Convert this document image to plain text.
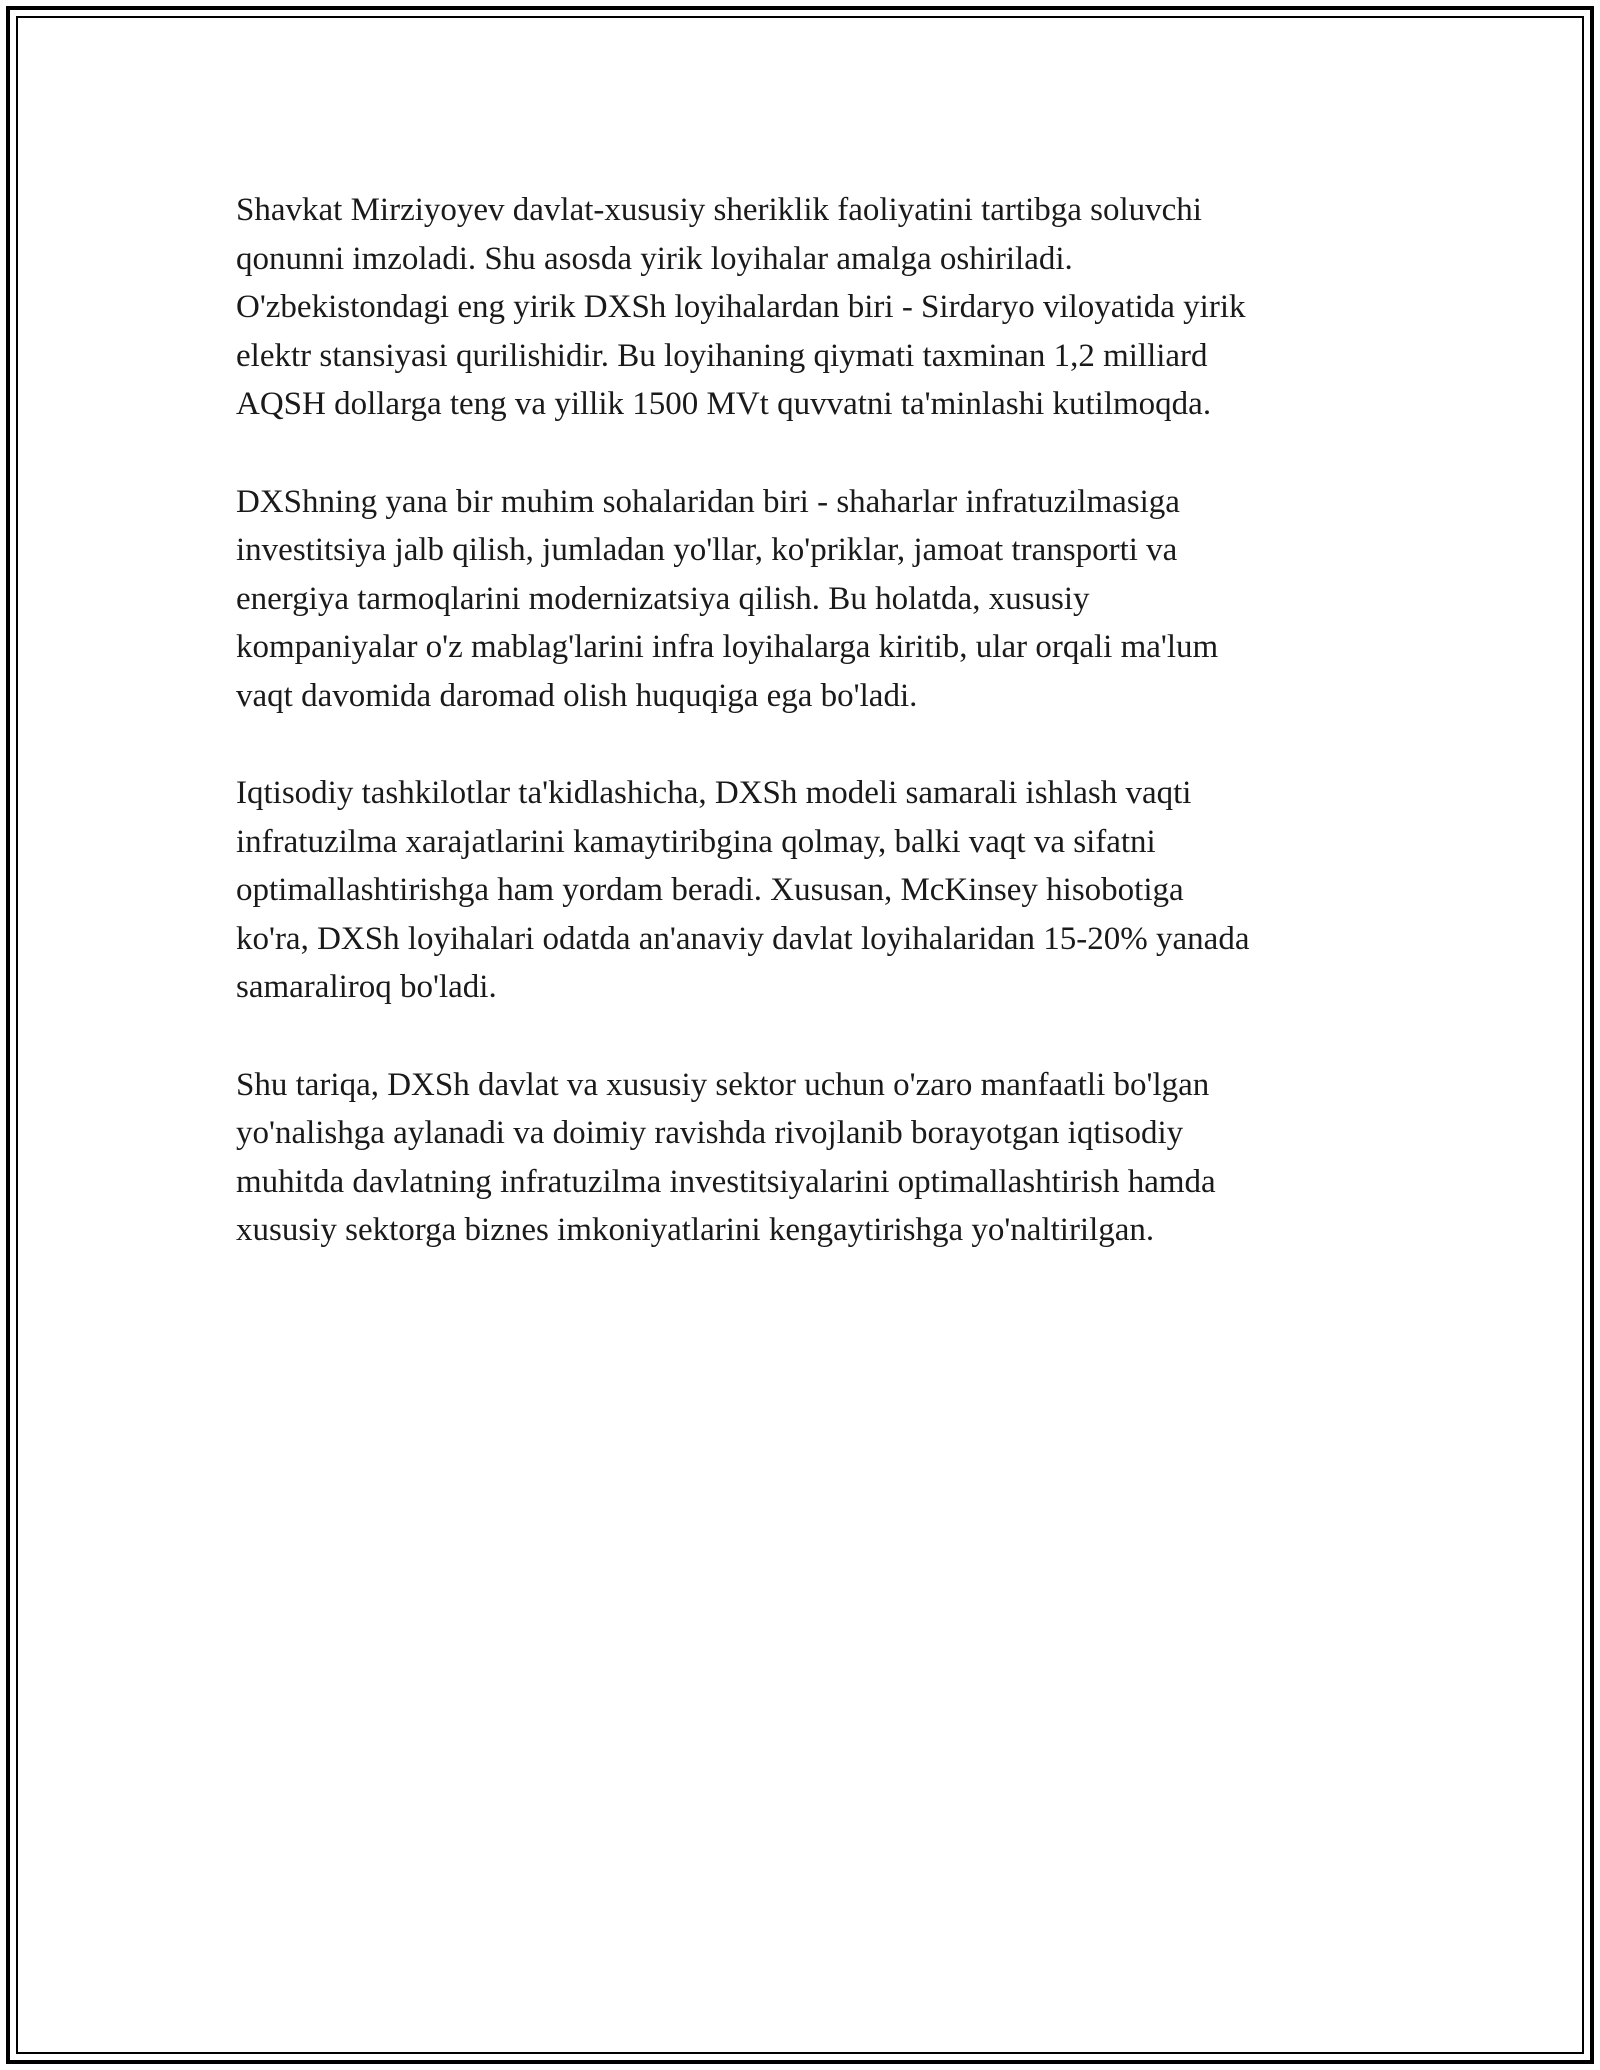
Shavkat Mirziyoyev davlat-xususiy sheriklik faoliyatini tartibga soluvchi
qonunni imzoladi. Shu asosda yirik loyihalar amalga oshiriladi.
O'zbekistondagi eng yirik DXSh loyihalardan biri - Sirdaryo viloyatida yirik
elektr stansiyasi qurilishidir. Bu loyihaning qiymati taxminan 1,2 milliard
AQSH dollarga teng va yillik 1500 MVt quvvatni ta'minlashi kutilmoqda.

DXShning yana bir muhim sohalaridan biri - shaharlar infratuzilmasiga
investitsiya jalb qilish, jumladan yo'llar, ko'priklar, jamoat transporti va
energiya tarmoqlarini modernizatsiya qilish. Bu holatda, xususiy
kompaniyalar o'z mablag'larini infra loyihalarga kiritib, ular orqali ma'lum
vaqt davomida daromad olish huquqiga ega bo'ladi.

Iqtisodiy tashkilotlar ta'kidlashicha, DXSh modeli samarali ishlash vaqti
infratuzilma xarajatlarini kamaytiribgina qolmay, balki vaqt va sifatni
optimallashtirishga ham yordam beradi. Xususan, McKinsey hisobotiga
ko'ra, DXSh loyihalari odatda an'anaviy davlat loyihalaridan 15-20% yanada
samaraliroq bo'ladi.

Shu tariqa, DXSh davlat va xususiy sektor uchun o'zaro manfaatli bo'lgan
yo'nalishga aylanadi va doimiy ravishda rivojlanib borayotgan iqtisodiy
muhitda davlatning infratuzilma investitsiyalarini optimallashtirish hamda
xususiy sektorga biznes imkoniyatlarini kengaytirishga yo'naltirilgan.
